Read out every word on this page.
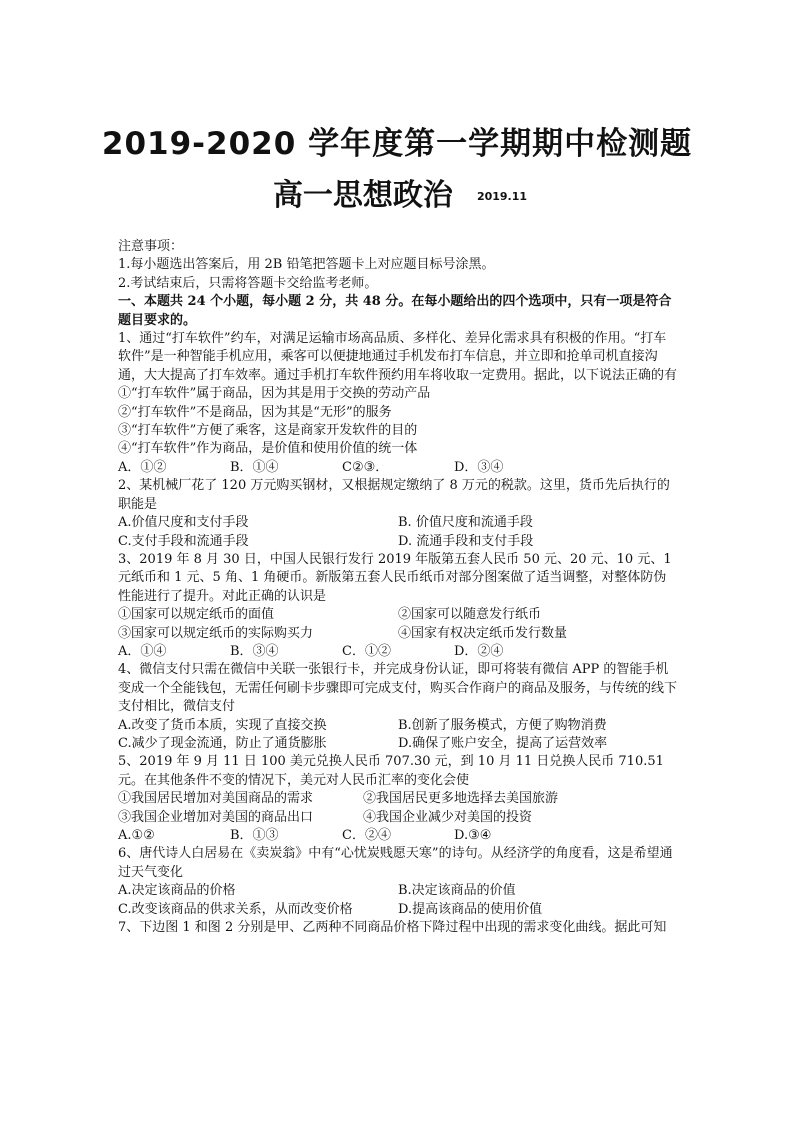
2019-2020 学年度第一学期期中检测题
高一思想政治 2019.11
注意事项：
1.每小题选出答案后，用 2B 铅笔把答题卡上对应题目标号涂黑。
2.考试结束后，只需将答题卡交给监考老师。
一、本题共 24 个小题，每小题 2 分，共 48 分。在每小题给出的四个选项中，只有一项是符合题目要求的。
1、通过“打车软件”约车，对满足运输市场高品质、多样化、差异化需求具有积极的作用。“打车软件”是一种智能手机应用，乘客可以便捷地通过手机发布打车信息，并立即和抢单司机直接沟通，大大提高了打车效率。通过手机打车软件预约用车将收取一定费用。据此，以下说法正确的有
①“打车软件”属于商品，因为其是用于交换的劳动产品
②“打车软件”不是商品，因为其是“无形”的服务
③“打车软件”方便了乘客，这是商家开发软件的目的
④“打车软件”作为商品，是价值和使用价值的统一体
A．①②	B．①④	C②③．	D．③④
2、某机械厂花了 120 万元购买钢材，又根据规定缴纳了 8 万元的税款。这里，货币先后执行的职能是
A.价值尺度和支付手段	B. 价值尺度和流通手段
C.支付手段和流通手段	D. 流通手段和支付手段
3、2019 年 8 月 30 日，中国人民银行发行 2019 年版第五套人民币 50 元、20 元、10 元、1 元纸币和 1 元、5 角、1 角硬币。新版第五套人民币纸币对部分图案做了适当调整，对整体防伪性能进行了提升。对此正确的认识是
①国家可以规定纸币的面值	②国家可以随意发行纸币
③国家可以规定纸币的实际购买力	④国家有权决定纸币发行数量
A．①④	B．③④	C．①②	D．②④
4、微信支付只需在微信中关联一张银行卡，并完成身份认证，即可将装有微信 APP 的智能手机变成一个全能钱包，无需任何刷卡步骤即可完成支付，购买合作商户的商品及服务，与传统的线下支付相比，微信支付
A.改变了货币本质，实现了直接交换	B.创新了服务模式，方便了购物消费
C.减少了现金流通，防止了通货膨胀	D.确保了账户安全，提高了运营效率
5、2019 年 9 月 11 日 100 美元兑换人民币 707.30 元，到 10 月 11 日兑换人民币 710.51 元。在其他条件不变的情况下，美元对人民币汇率的变化会使
①我国居民增加对美国商品的需求	②我国居民更多地选择去美国旅游
③我国企业增加对美国的商品出口	④我国企业减少对美国的投资
A.①②	B．①③	C．②④	D.③④
6、唐代诗人白居易在《卖炭翁》中有“心忧炭贱愿天寒”的诗句。从经济学的角度看，这是希望通过天气变化
A.决定该商品的价格	B.决定该商品的价值
C.改变该商品的供求关系，从而改变价格	D.提高该商品的使用价值
7、下边图 1 和图 2 分别是甲、乙两种不同商品价格下降过程中出现的需求变化曲线。据此可知
